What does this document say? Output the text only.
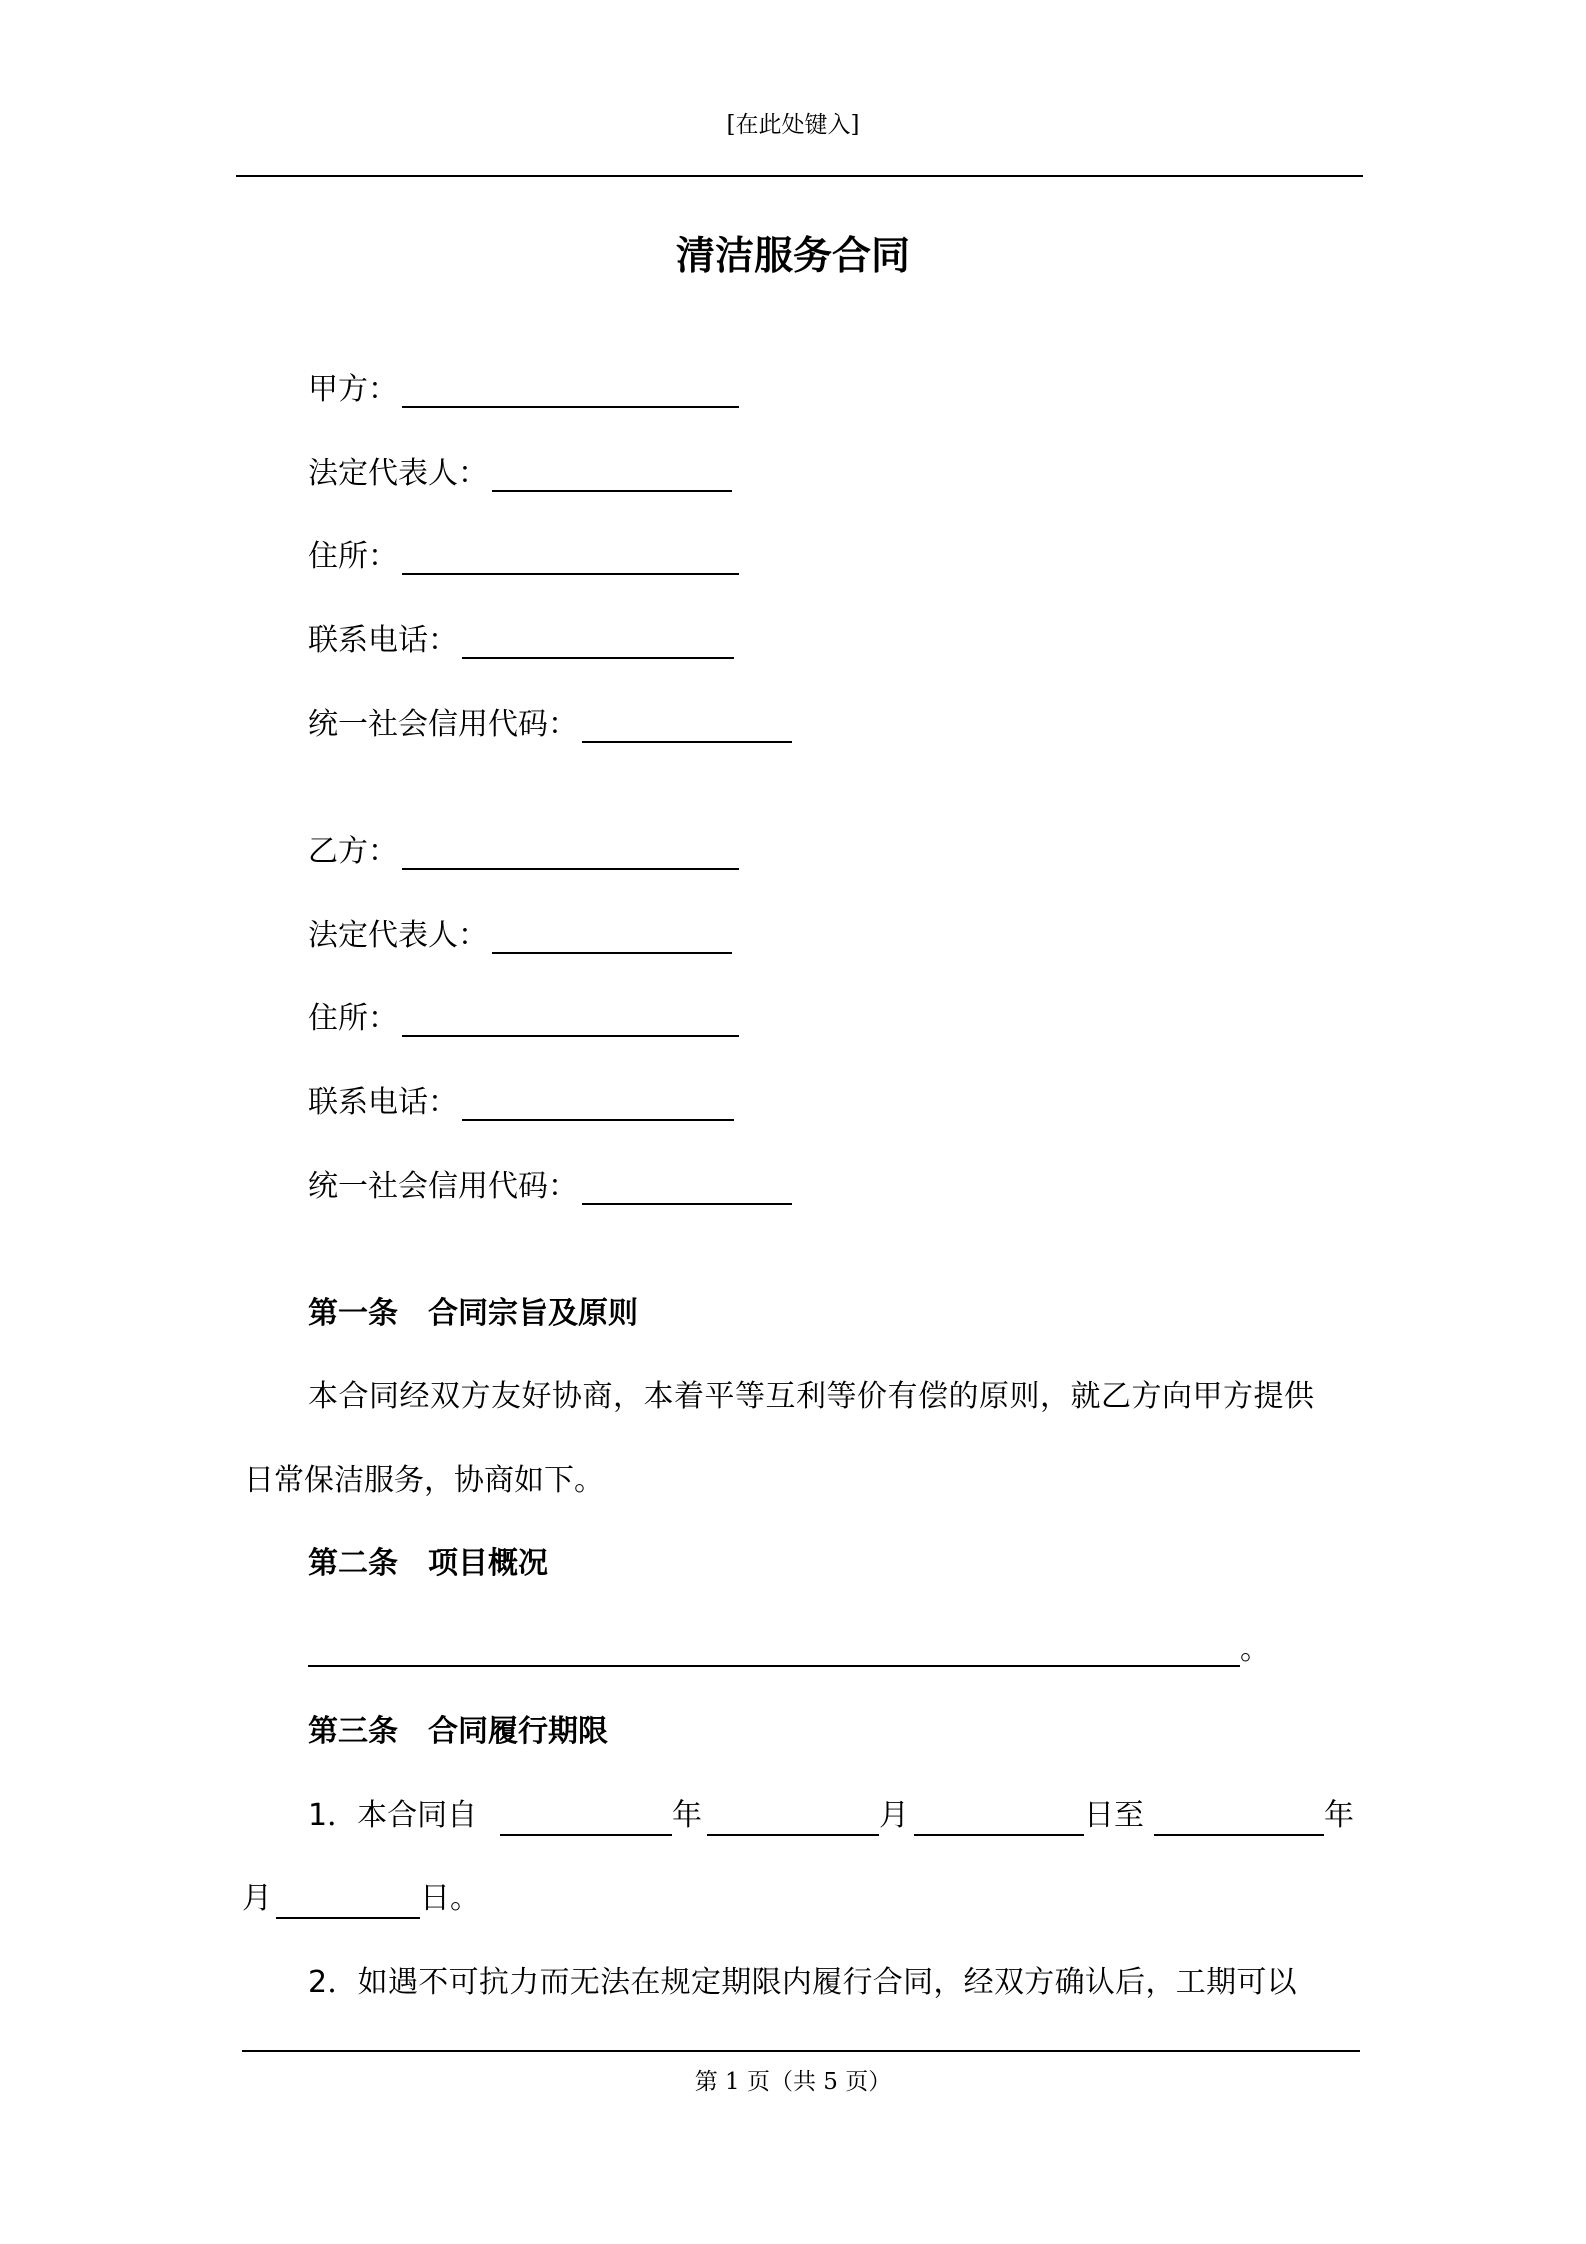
[在此处键入]
清洁服务合同
甲方：
法定代表人：
住所：
联系电话：
统一社会信用代码：
乙方：
法定代表人：
住所：
联系电话：
统一社会信用代码：
第一条　合同宗旨及原则
本合同经双方友好协商，本着平等互利等价有偿的原则，就乙方向甲方提供
日常保洁服务，协商如下。
第二条　项目概况
。
第三条　合同履行期限
1．本合同自	年	月	日至	年
月	日。
2．如遇不可抗力而无法在规定期限内履行合同，经双方确认后，工期可以
第 1 页（共 5 页）
